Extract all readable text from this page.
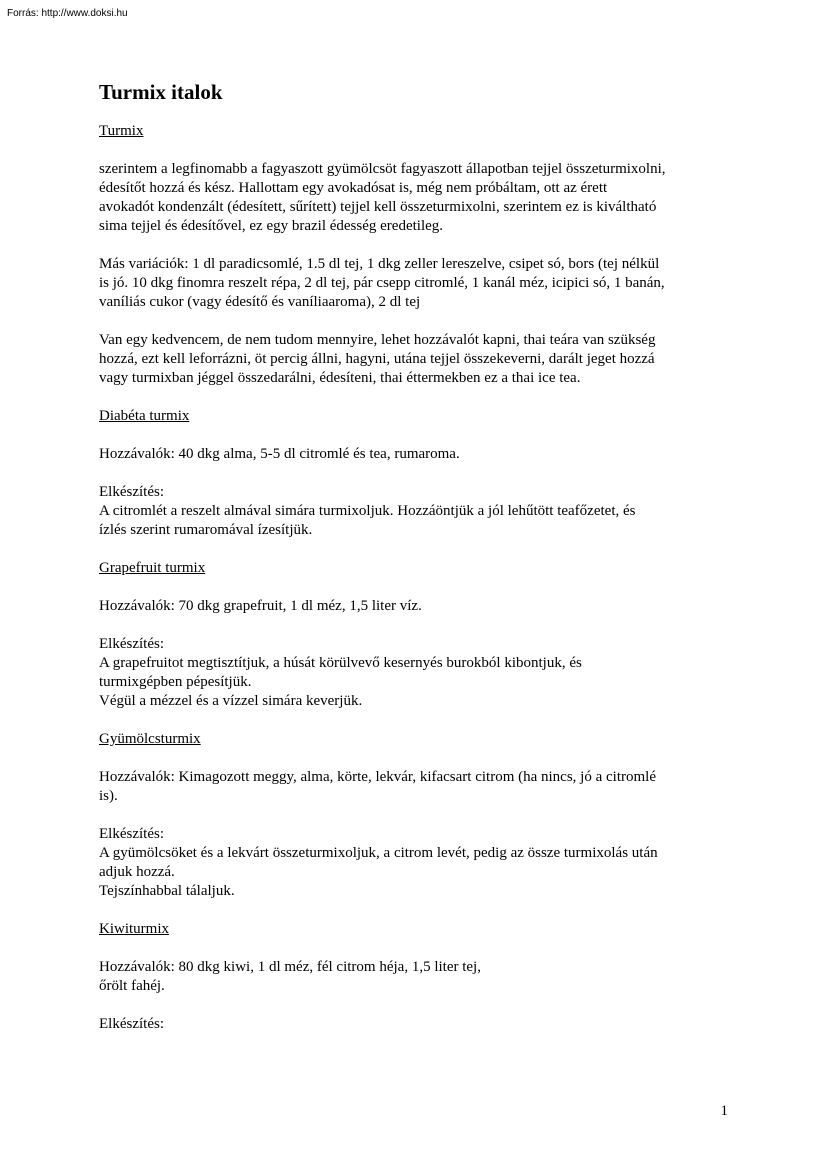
Forrás: http://www.doksi.hu
Turmix italok
Turmix

szerintem a legfinomabb a fagyaszott gyümölcsöt fagyaszott állapotban tejjel összeturmixolni,
édesítőt hozzá és kész. Hallottam egy avokadósat is, még nem próbáltam, ott az érett
avokadót kondenzált (édesített, sűrített) tejjel kell összeturmixolni, szerintem ez is kiváltható
sima tejjel és édesítővel, ez egy brazil édesség eredetileg.

Más variációk: 1 dl paradicsomlé, 1.5 dl tej, 1 dkg zeller lereszelve, csipet só, bors (tej nélkül
is jó. 10 dkg finomra reszelt répa, 2 dl tej, pár csepp citromlé, 1 kanál méz, icipici só, 1 banán,
vaníliás cukor (vagy édesítő és vaníliaaroma), 2 dl tej

Van egy kedvencem, de nem tudom mennyire, lehet hozzávalót kapni, thai teára van szükség
hozzá, ezt kell leforrázni, öt percig állni, hagyni, utána tejjel összekeverni, darált jeget hozzá
vagy turmixban jéggel összedarálni, édesíteni, thai éttermekben ez a thai ice tea.

Diabéta turmix

Hozzávalók: 40 dkg alma, 5-5 dl citromlé és tea, rumaroma.

Elkészítés:
A citromlét a reszelt almával simára turmixoljuk. Hozzáöntjük a jól lehűtött teafőzetet, és
ízlés szerint rumaromával ízesítjük.

Grapefruit turmix

Hozzávalók: 70 dkg grapefruit, 1 dl méz, 1,5 liter víz.

Elkészítés:
A grapefruitot megtisztítjuk, a húsát körülvevő kesernyés burokból kibontjuk, és
turmixgépben pépesítjük.
Végül a mézzel és a vízzel simára keverjük.

Gyümölcsturmix

Hozzávalók: Kimagozott meggy, alma, körte, lekvár, kifacsart citrom (ha nincs, jó a citromlé
is).

Elkészítés:
A gyümölcsöket és a lekvárt összeturmixoljuk, a citrom levét, pedig az össze turmixolás után
adjuk hozzá.
Tejszínhabbal tálaljuk.

Kiwiturmix

Hozzávalók: 80 dkg kiwi, 1 dl méz, fél citrom héja, 1,5 liter tej,
őrölt fahéj.

Elkészítés:

1
